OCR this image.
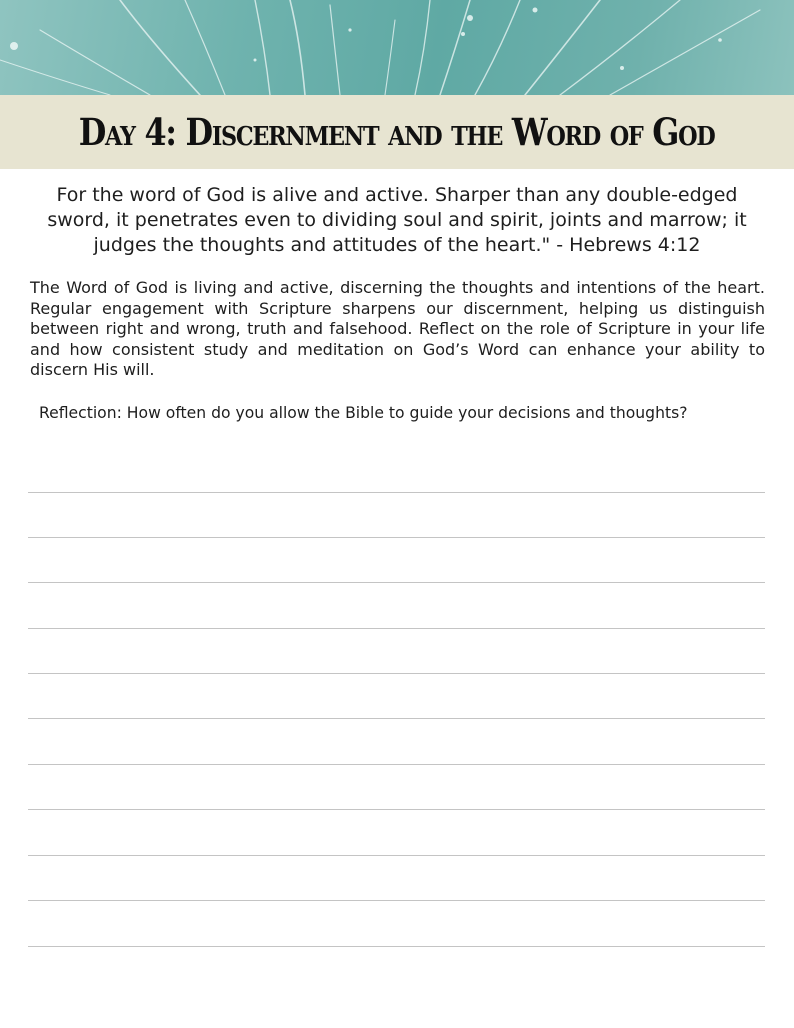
Day 4: Discernment and the Word of God

For the word of God is alive and active. Sharper than any double-edged sword, it penetrates even to dividing soul and spirit, joints and marrow; it judges the thoughts and attitudes of the heart." - Hebrews 4:12

The Word of God is living and active, discerning the thoughts and intentions of the heart. Regular engagement with Scripture sharpens our discernment, helping us distinguish between right and wrong, truth and falsehood. Reflect on the role of Scripture in your life and how consistent study and meditation on God’s Word can enhance your ability to discern His will.

Reflection: How often do you allow the Bible to guide your decisions and thoughts?
